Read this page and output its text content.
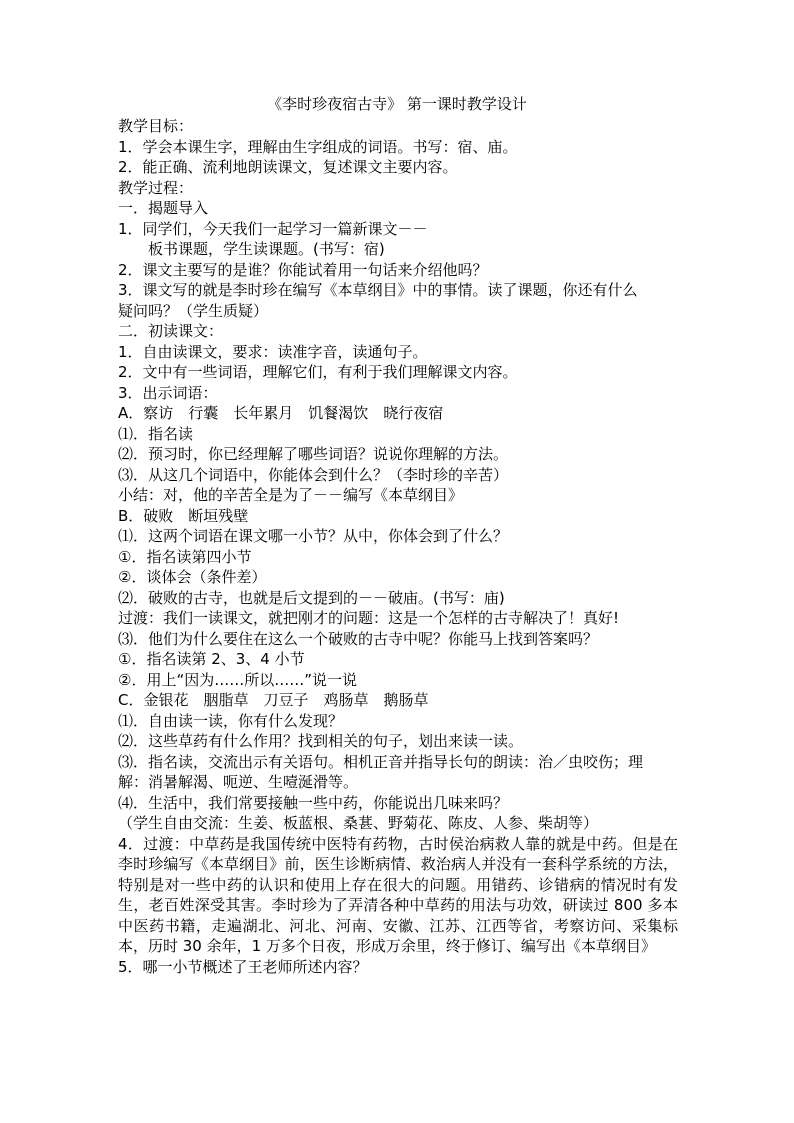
《李时珍夜宿古寺》 第一课时教学设计
教学目标：
1．学会本课生字，理解由生字组成的词语。书写：宿、庙。
2．能正确、流利地朗读课文，复述课文主要内容。
教学过程：
一．揭题导入
1．同学们，今天我们一起学习一篇新课文－－
板书课题，学生读课题。(书写：宿)
2．课文主要写的是谁？你能试着用一句话来介绍他吗？
3．课文写的就是李时珍在编写《本草纲目》中的事情。读了课题，你还有什么
疑问吗？（学生质疑）
二．初读课文：
1．自由读课文，要求：读准字音，读通句子。
2．文中有一些词语，理解它们，有利于我们理解课文内容。
3．出示词语：
A．察访　行囊　长年累月　饥餐渴饮　晓行夜宿
⑴．指名读
⑵．预习时，你已经理解了哪些词语？说说你理解的方法。
⑶．从这几个词语中，你能体会到什么？（李时珍的辛苦）
小结：对，他的辛苦全是为了－－编写《本草纲目》
B．破败　断垣残壁
⑴．这两个词语在课文哪一小节？从中，你体会到了什么？
①．指名读第四小节
②．谈体会（条件差）
⑵．破败的古寺，也就是后文提到的－－破庙。(书写：庙)
过渡：我们一读课文，就把刚才的问题：这是一个怎样的古寺解决了！真好!
⑶．他们为什么要住在这么一个破败的古寺中呢？你能马上找到答案吗？
①．指名读第 2、3、4 小节
②．用上“因为……所以……”说一说
C．金银花　胭脂草　刀豆子　鸡肠草　鹅肠草
⑴．自由读一读，你有什么发现？
⑵．这些草药有什么作用？找到相关的句子，划出来读一读。
⑶．指名读，交流出示有关语句。相机正音并指导长句的朗读：治／虫咬伤；理
解：消暑解渴、呃逆、生噎涎滑等。
⑷．生活中，我们常要接触一些中药，你能说出几味来吗？
（学生自由交流：生姜、板蓝根、桑葚、野菊花、陈皮、人参、柴胡等）
4．过渡：中草药是我国传统中医特有药物，古时侯治病救人靠的就是中药。但是在李时珍编写《本草纲目》前，医生诊断病情、救治病人并没有一套科学系统的方法，特别是对一些中药的认识和使用上存在很大的问题。用错药、诊错病的情况时有发生，老百姓深受其害。李时珍为了弄清各种中草药的用法与功效，研读过 800 多本中医药书籍，走遍湖北、河北、河南、安徽、江苏、江西等省，考察访问、采集标本，历时 30 余年，1 万多个日夜，形成万余里，终于修订、编写出《本草纲目》
5．哪一小节概述了王老师所述内容？
